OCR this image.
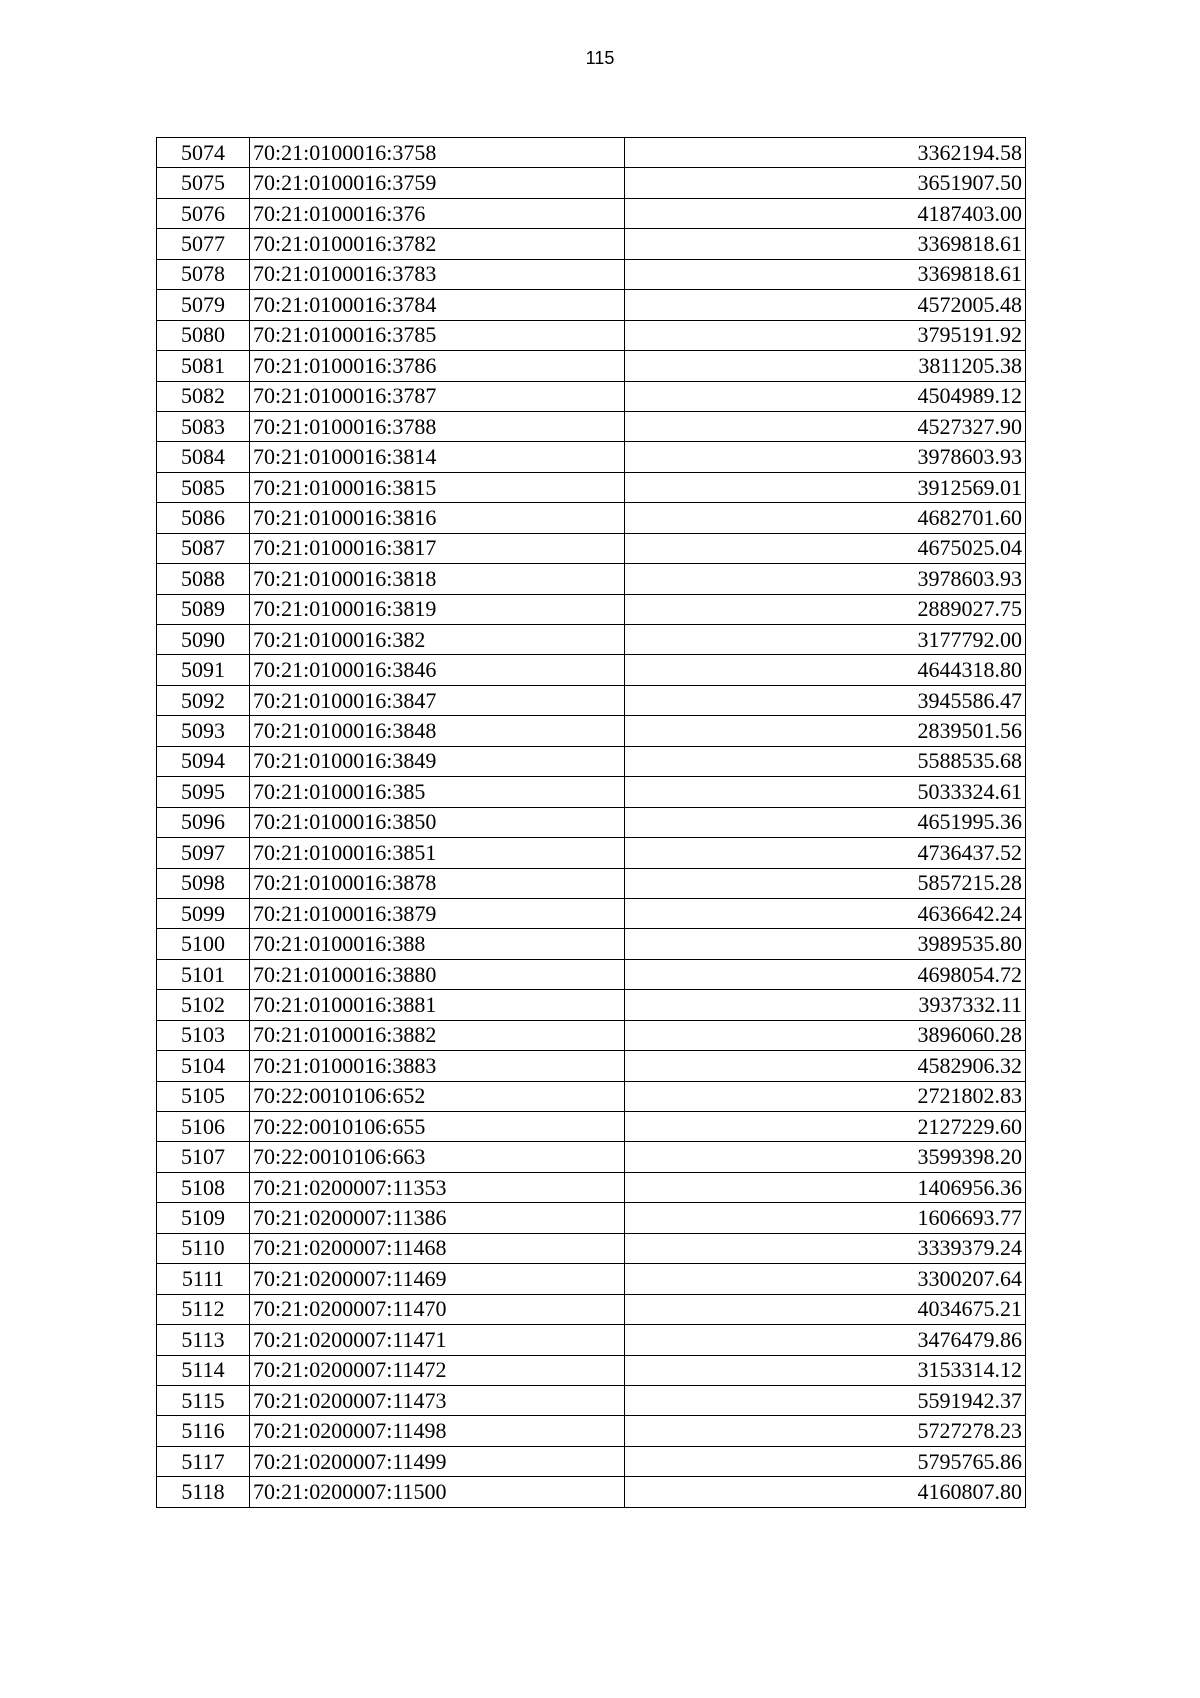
115
5074	70:21:0100016:3758	3362194.58
5075	70:21:0100016:3759	3651907.50
5076	70:21:0100016:376	4187403.00
5077	70:21:0100016:3782	3369818.61
5078	70:21:0100016:3783	3369818.61
5079	70:21:0100016:3784	4572005.48
5080	70:21:0100016:3785	3795191.92
5081	70:21:0100016:3786	3811205.38
5082	70:21:0100016:3787	4504989.12
5083	70:21:0100016:3788	4527327.90
5084	70:21:0100016:3814	3978603.93
5085	70:21:0100016:3815	3912569.01
5086	70:21:0100016:3816	4682701.60
5087	70:21:0100016:3817	4675025.04
5088	70:21:0100016:3818	3978603.93
5089	70:21:0100016:3819	2889027.75
5090	70:21:0100016:382	3177792.00
5091	70:21:0100016:3846	4644318.80
5092	70:21:0100016:3847	3945586.47
5093	70:21:0100016:3848	2839501.56
5094	70:21:0100016:3849	5588535.68
5095	70:21:0100016:385	5033324.61
5096	70:21:0100016:3850	4651995.36
5097	70:21:0100016:3851	4736437.52
5098	70:21:0100016:3878	5857215.28
5099	70:21:0100016:3879	4636642.24
5100	70:21:0100016:388	3989535.80
5101	70:21:0100016:3880	4698054.72
5102	70:21:0100016:3881	3937332.11
5103	70:21:0100016:3882	3896060.28
5104	70:21:0100016:3883	4582906.32
5105	70:22:0010106:652	2721802.83
5106	70:22:0010106:655	2127229.60
5107	70:22:0010106:663	3599398.20
5108	70:21:0200007:11353	1406956.36
5109	70:21:0200007:11386	1606693.77
5110	70:21:0200007:11468	3339379.24
5111	70:21:0200007:11469	3300207.64
5112	70:21:0200007:11470	4034675.21
5113	70:21:0200007:11471	3476479.86
5114	70:21:0200007:11472	3153314.12
5115	70:21:0200007:11473	5591942.37
5116	70:21:0200007:11498	5727278.23
5117	70:21:0200007:11499	5795765.86
5118	70:21:0200007:11500	4160807.80
